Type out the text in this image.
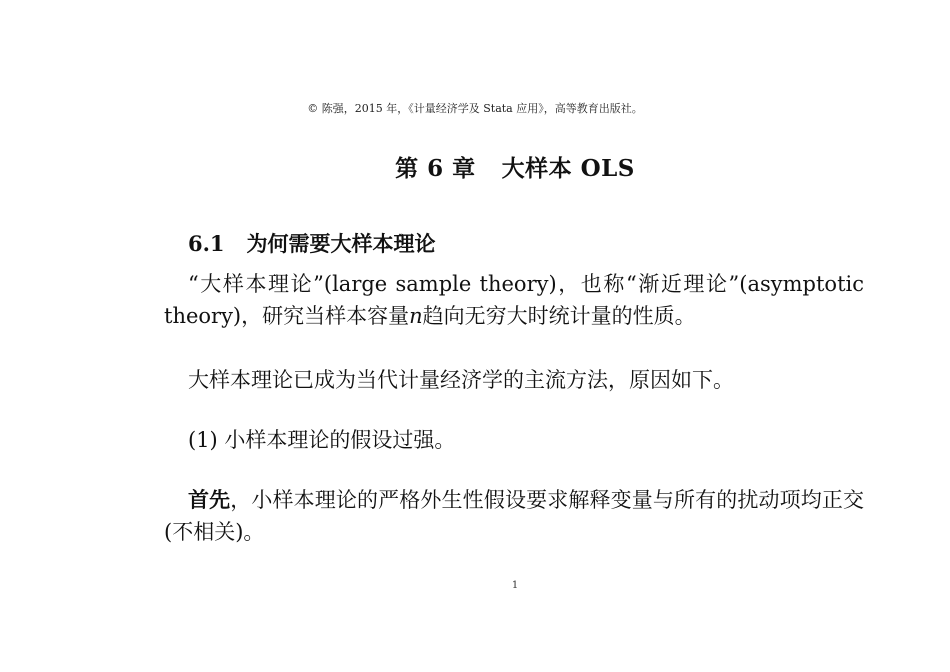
© 陈强，2015 年，《计量经济学及 Stata 应用》，高等教育出版社。
第 6 章 大样本 OLS
6.1 为何需要大样本理论

“大样本理论”(large sample theory)，也称“渐近理论”(asymptotic theory)，研究当样本容量n趋向无穷大时统计量的性质。

大样本理论已成为当代计量经济学的主流方法，原因如下。

(1) 小样本理论的假设过强。

首先，小样本理论的严格外生性假设要求解释变量与所有的扰动项均正交(不相关)。

1
